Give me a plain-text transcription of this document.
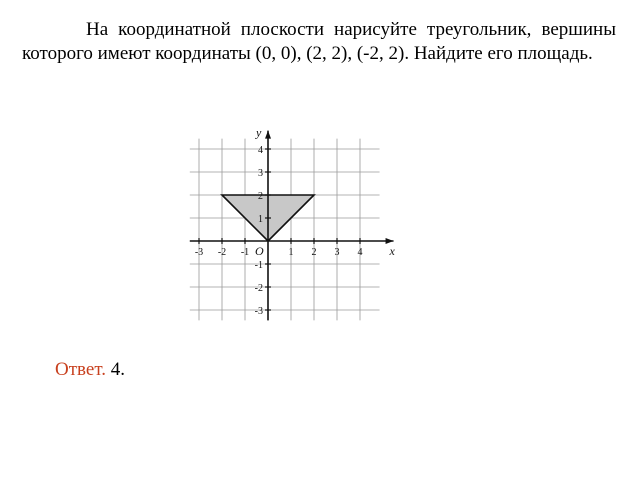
На координатной плоскости нарисуйте треугольник, вершины которого имеют координаты (0, 0), (2, 2), (-2, 2). Найдите его площадь.

-3 -2 -1	1 2 3 4
4
3
2
1
-1
-2
-3
O	x
y
Ответ. 4.
